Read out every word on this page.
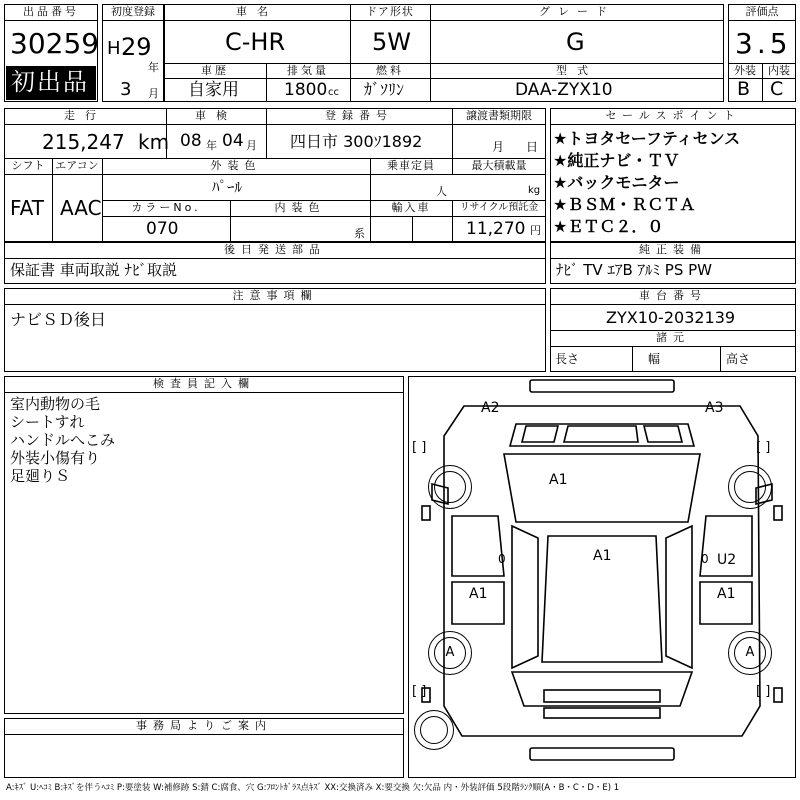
出品番号
30259
初出品
初度登録
H 29
年
3 月
車名
C-HR
ドア形状
5W
グレード
G
車歴
自家用
排気量
1800 cc
燃料
ｶﾞｿﾘﾝ
型式
DAA-ZYX10
評価点
3.5
外装	内装
B C
走行
215,247 km
車検
08 年 04 月
登録番号
四日市 300ｿ1892
譲渡書類期限
月 日
シフト
FAT
エアコン
AAC
外装色
ﾊﾟｰﾙ
乗車定員
人
最大積載量
kg
カラーNo.
070
内装色
系
輸入車	リサイクル預託金
11,270 円
後日発送部品
保証書 車両取説 ﾅﾋﾞ取説
セールスポイント
★トヨタセーフティセンス
★純正ナビ・ＴＶ
★バックモニター
★ＢＳＭ・ＲＣＴＡ
★ＥＴＣ２．０
純正装備
ﾅﾋﾞ TV ｴｱB ｱﾙﾐ PS PW
注意事項欄
ナビＳＤ後日
車台番号
ZYX10-2032139
諸元
長さ	幅	高さ
検査員記入欄
室内動物の毛
シートすれ
ハンドルへこみ
外装小傷有り
足廻りＳ
事務局よりご案内
A2	A3
A1
A1
0	0 U2
A1	A1
[ ]	[ ]
[ ]	[ ]
A	A
A:ｷｽﾞ U:ﾍｺﾐ B:ｷｽﾞを伴うﾍｺﾐ P:要塗装 W:補修跡 S:錆 C:腐食、穴 G:ﾌﾛﾝﾄｶﾞﾗｽ点ｷｽﾞ XX:交換済み X:要交換 欠:欠品 内・外装評価 5段階ﾗﾝｸ順(A・B・C・D・E) 1
